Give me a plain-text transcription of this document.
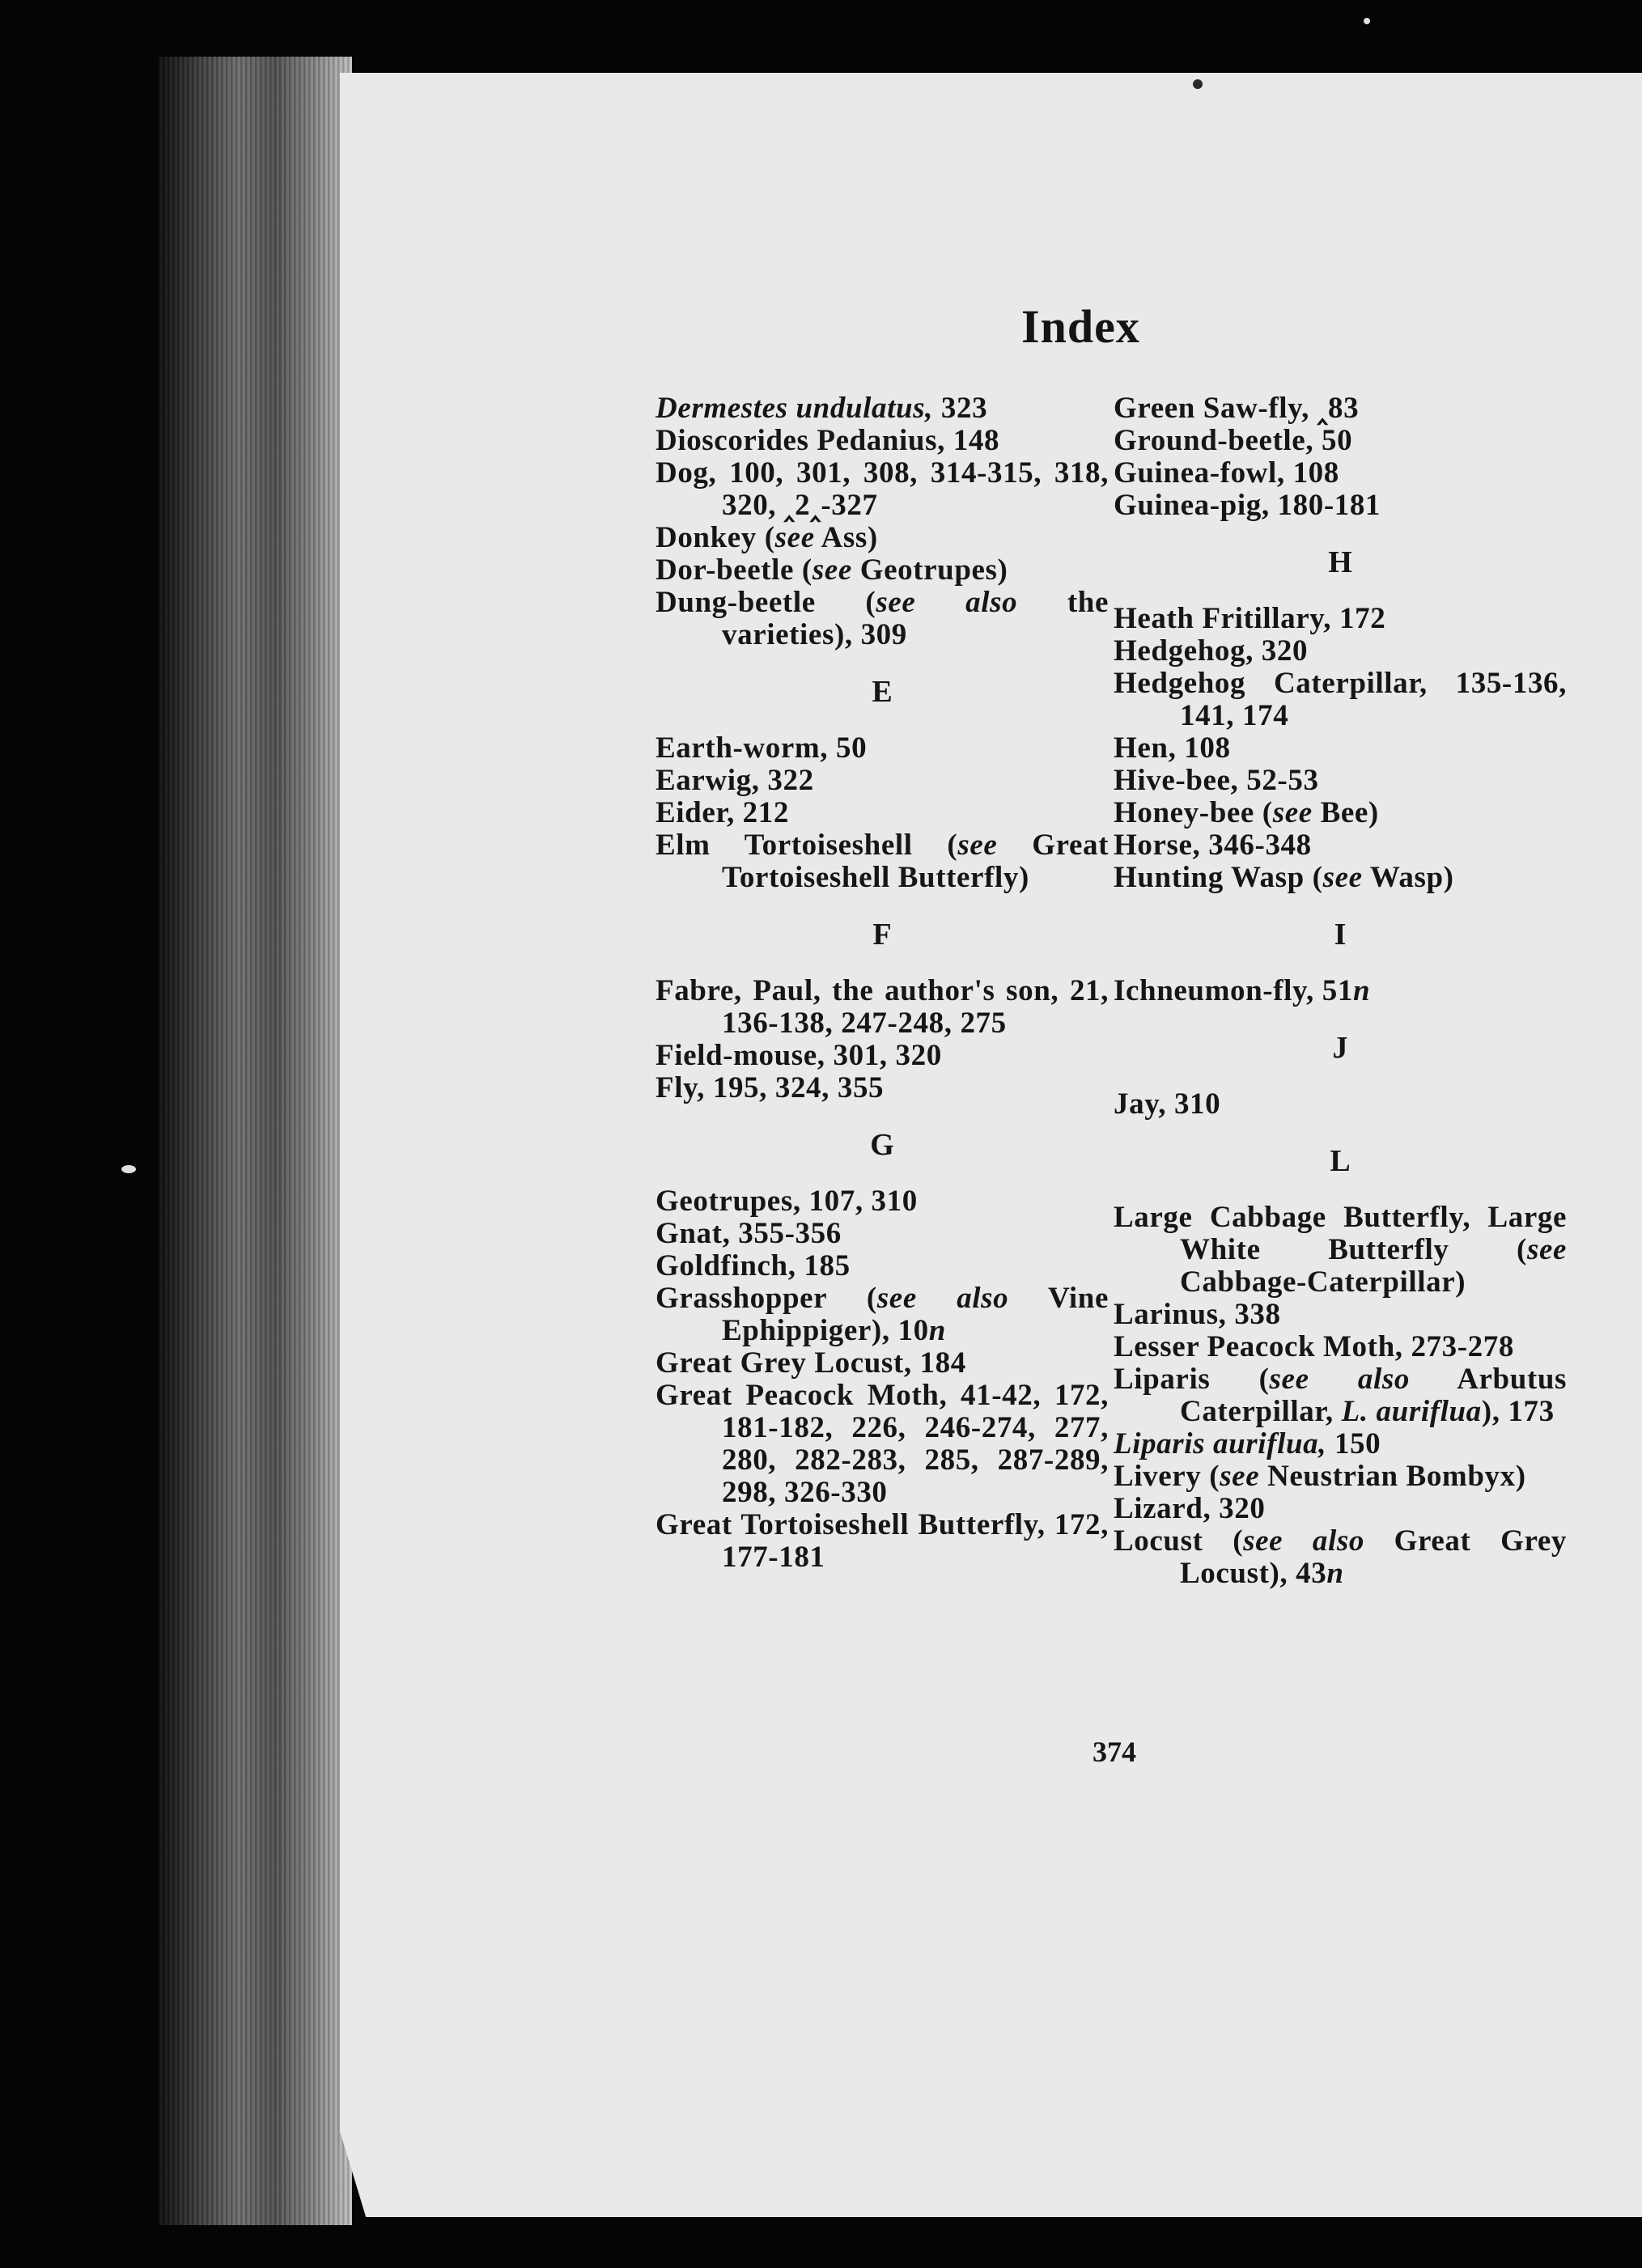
Index

Dermestes undulatus, 323

Dioscorides Pedanius, 148

Dog, 100, 301, 308, 314-315, 318, 320, ‸2‸-327

Donkey (see Ass)

Dor-beetle (see Geotrupes)

Dung-beetle (see also the varieties), 309

E

Earth-worm, 50

Earwig, 322

Eider, 212

Elm Tortoiseshell (see Great Tortoiseshell Butterfly)

F

Fabre, Paul, the author's son, 21, 136-138, 247-248, 275

Field-mouse, 301, 320

Fly, 195, 324, 355

G

Geotrupes, 107, 310

Gnat, 355-356

Goldfinch, 185

Grasshopper (see also Vine Ephippiger), 10n

Great Grey Locust, 184

Great Peacock Moth, 41-42, 172, 181-182, 226, 246-274, 277, 280, 282-283, 285, 287-289, 298, 326-330

Great Tortoiseshell Butterfly, 172, 177-181

Green Saw-fly, ‸83

Ground-beetle, 50

Guinea-fowl, 108

Guinea-pig, 180-181

H

Heath Fritillary, 172

Hedgehog, 320

Hedgehog Caterpillar, 135-136, 141, 174

Hen, 108

Hive-bee, 52-53

Honey-bee (see Bee)

Horse, 346-348

Hunting Wasp (see Wasp)

I

Ichneumon-fly, 51n

J

Jay, 310

L

Large Cabbage Butterfly, Large White Butterfly (see Cabbage-Caterpillar)

Larinus, 338

Lesser Peacock Moth, 273-278

Liparis (see also Arbutus Caterpillar, L. auriflua), 173

Liparis auriflua, 150

Livery (see Neustrian Bombyx)

Lizard, 320

Locust (see also Great Grey Locust), 43n

374
